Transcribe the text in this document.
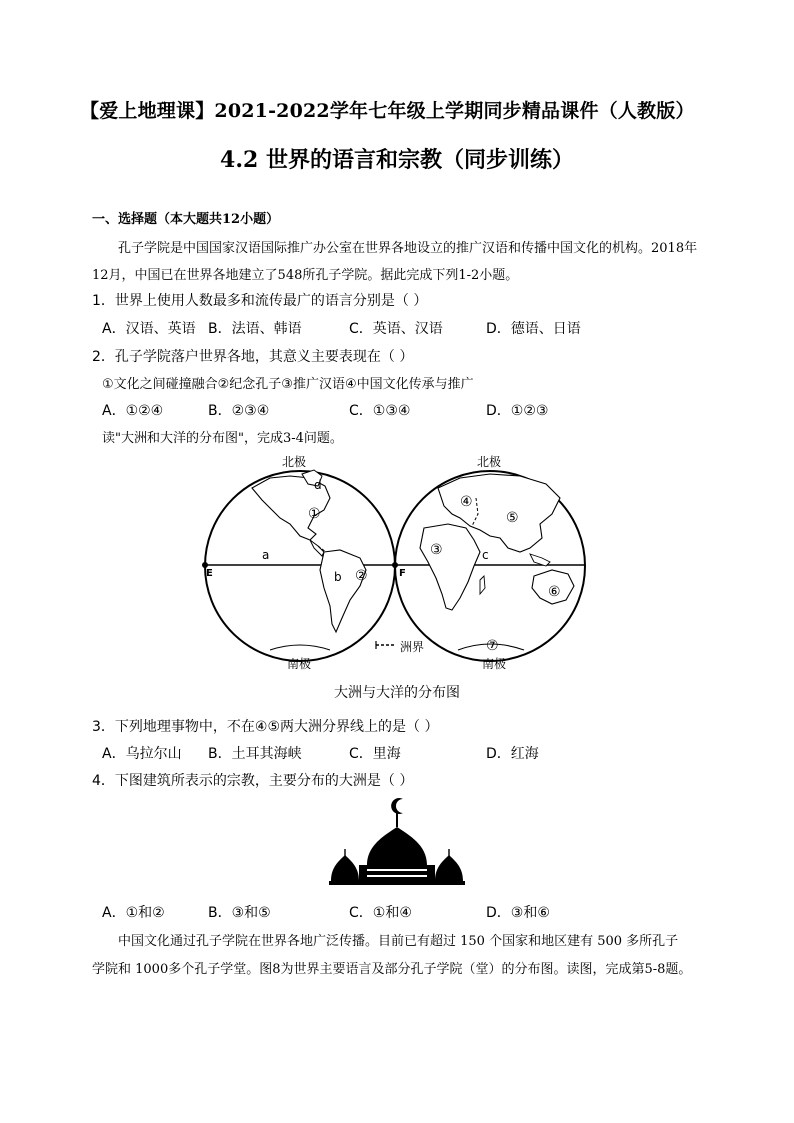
【爱上地理课】2021-2022学年七年级上学期同步精品课件（人教版）
4.2 世界的语言和宗教（同步训练）
一、选择题（本大题共12小题）
孔子学院是中国国家汉语国际推广办公室在世界各地设立的推广汉语和传播中国文化的机构。2018年
12月，中国已在世界各地建立了548所孔子学院。据此完成下列1-2小题。
1．世界上使用人数最多和流传最广的语言分别是（ ）
A．汉语、英语 B．法语、韩语	C．英语、汉语	D．德语、日语
2．孔子学院落户世界各地，其意义主要表现在（ ）
①文化之间碰撞融合②纪念孔子③推广汉语④中国文化传承与推广
A．①②④	B．②③④	C．①③④	D．①②③
读"大洲和大洋的分布图"，完成3-4问题。
北极	北极
南极	南极
洲界
d
a
b
c
E	F
①
②
③
④
⑤
⑥
⑦
大洲与大洋的分布图
3．下列地理事物中，不在④⑤两大洲分界线上的是（ ）
A．乌拉尔山 B．土耳其海峡	C．里海	D．红海
4．下图建筑所表示的宗教，主要分布的大洲是（ ）
A．①和②	B．③和⑤	C．①和④	D．③和⑥
中国文化通过孔子学院在世界各地广泛传播。目前已有超过 150 个国家和地区建有 500 多所孔子
学院和 1000多个孔子学堂。图8为世界主要语言及部分孔子学院（堂）的分布图。读图，完成第5-8题。
